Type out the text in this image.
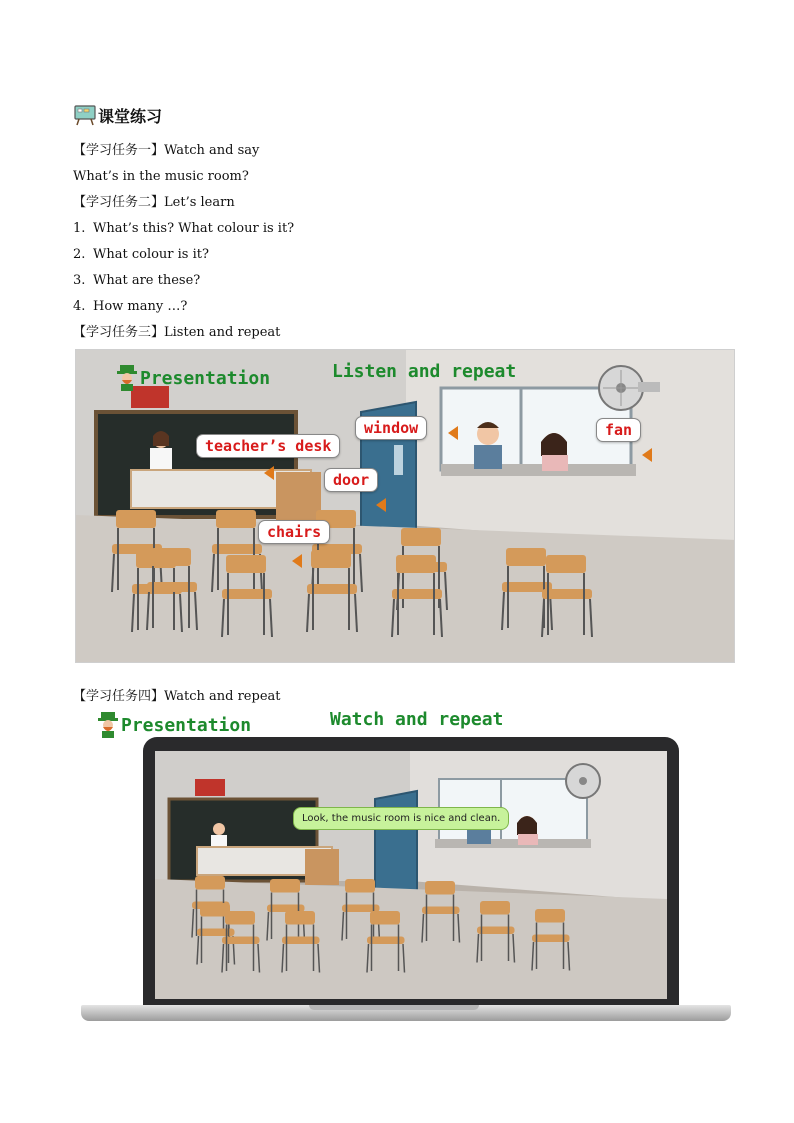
课堂练习
【学习任务一】Watch and say
What’s in the music room?
【学习任务二】Let’s learn
1. What’s this? What colour is it?
2. What colour is it?
3. What are these?
4. How many …?
【学习任务三】Listen and repeat
Presentation	Listen and repeat
teacher’s desk
window
door
fan
chairs
【学习任务四】Watch and repeat
Presentation	Watch and repeat
Look, the music room is nice and clean.
